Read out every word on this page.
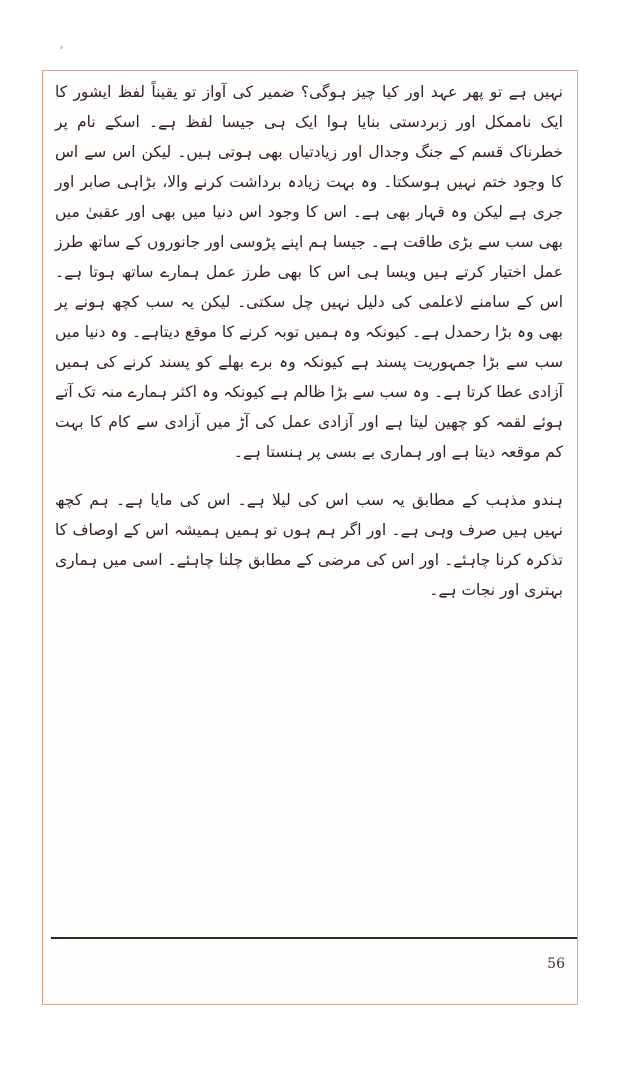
نہیں ہے تو پھر عہد اور کیا چیز ہوگی؟ ضمیر کی آواز تو یقیناً لفظ ایشور کا ایک ناممکل اور زبردستی بنایا ہوا ایک ہی جیسا لفظ ہے۔ اسکے نام پر خطرناک قسم کے جنگ وجدال اور زیادتیاں بھی ہوتی ہیں۔ لیکن اس سے اس کا وجود ختم نہیں ہوسکتا۔ وہ بہت زیادہ برداشت کرنے والا، بڑاہی صابر اور جری ہے لیکن وہ قہار بھی ہے۔ اس کا وجود اس دنیا میں بھی اور عقبیٰ میں بھی سب سے بڑی طاقت ہے۔ جیسا ہم اپنے پڑوسی اور جانوروں کے ساتھ طرز عمل اختیار کرتے ہیں ویسا ہی اس کا بھی طرز عمل ہمارے ساتھ ہوتا ہے۔ اس کے سامنے لاعلمی کی دلیل نہیں چل سکتی۔ لیکن یہ سب کچھ ہونے پر بھی وہ بڑا رحمدل ہے۔ کیونکہ وہ ہمیں توبہ کرنے کا موقع دیتاہے۔ وہ دنیا میں سب سے بڑا جمہوریت پسند ہے کیونکہ وہ برے بھلے کو پسند کرنے کی ہمیں آزادی عطا کرتا ہے۔ وہ سب سے بڑا ظالم ہے کیونکہ وہ اکثر ہمارے منہ تک آتے ہوئے لقمہ کو چھین لیتا ہے اور آزادی عمل کی آڑ میں آزادی سے کام کا بہت کم موقعہ دیتا ہے اور ہماری بے بسی پر ہنستا ہے۔

ہندو مذہب کے مطابق یہ سب اس کی لیلا ہے۔ اس کی مایا ہے۔ ہم کچھ نہیں ہیں صرف وہی ہے۔ اور اگر ہم ہوں تو ہمیں ہمیشہ اس کے اوصاف کا تذکرہ کرنا چاہئے۔ اور اس کی مرضی کے مطابق چلنا چاہئے۔ اسی میں ہماری بہتری اور نجات ہے۔

56
